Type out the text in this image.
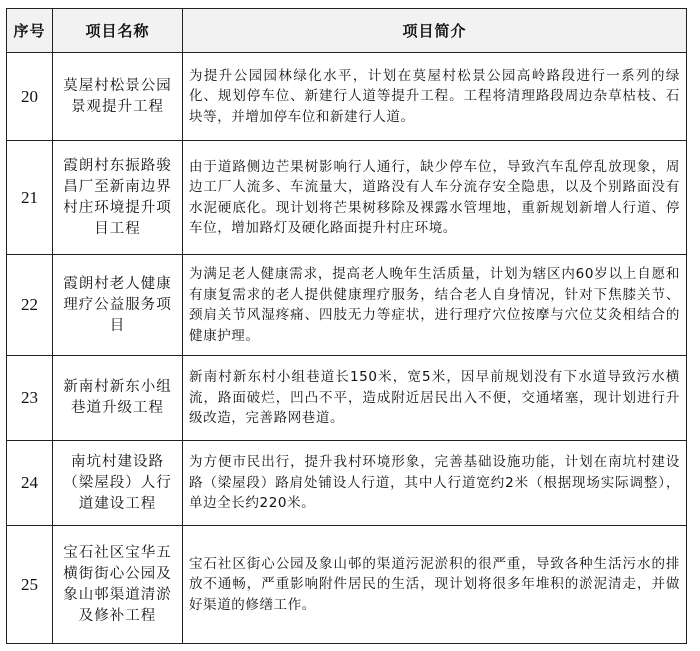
序号	项目名称	项目简介
20	莫屋村松景公园景观提升工程	为提升公园园林绿化水平，计划在莫屋村松景公园高岭路段进行一系列的绿化、规划停车位、新建行人道等提升工程。工程将清理路段周边杂草枯枝、石块等，并增加停车位和新建行人道。
21	霞朗村东振路骏昌厂至新南边界村庄环境提升项目工程	由于道路侧边芒果树影响行人通行，缺少停车位，导致汽车乱停乱放现象，周边工厂人流多、车流量大，道路没有人车分流存安全隐患，以及个别路面没有水泥硬底化。现计划将芒果树移除及裸露水管埋地，重新规划新增人行道、停车位，增加路灯及硬化路面提升村庄环境。
22	霞朗村老人健康理疗公益服务项目	为满足老人健康需求，提高老人晚年生活质量，计划为辖区内60岁以上自愿和有康复需求的老人提供健康理疗服务，结合老人自身情况，针对下焦膝关节、颈肩关节风湿疼痛、四肢无力等症状，进行理疗穴位按摩与穴位艾灸相结合的健康护理。
23	新南村新东小组巷道升级工程	新南村新东村小组巷道长150米，宽5米，因早前规划没有下水道导致污水横流，路面破烂，凹凸不平，造成附近居民出入不便，交通堵塞，现计划进行升级改造，完善路网巷道。
24	南坑村建设路（梁屋段）人行道建设工程	为方便市民出行，提升我村环境形象，完善基础设施功能，计划在南坑村建设路（梁屋段）路肩处铺设人行道，其中人行道宽约2米（根据现场实际调整），单边全长约220米。
25	宝石社区宝华五横街街心公园及象山邨渠道清淤及修补工程	宝石社区街心公园及象山邨的渠道污泥淤积的很严重，导致各种生活污水的排放不通畅，严重影响附件居民的生活，现计划将很多年堆积的淤泥清走，并做好渠道的修缮工作。
